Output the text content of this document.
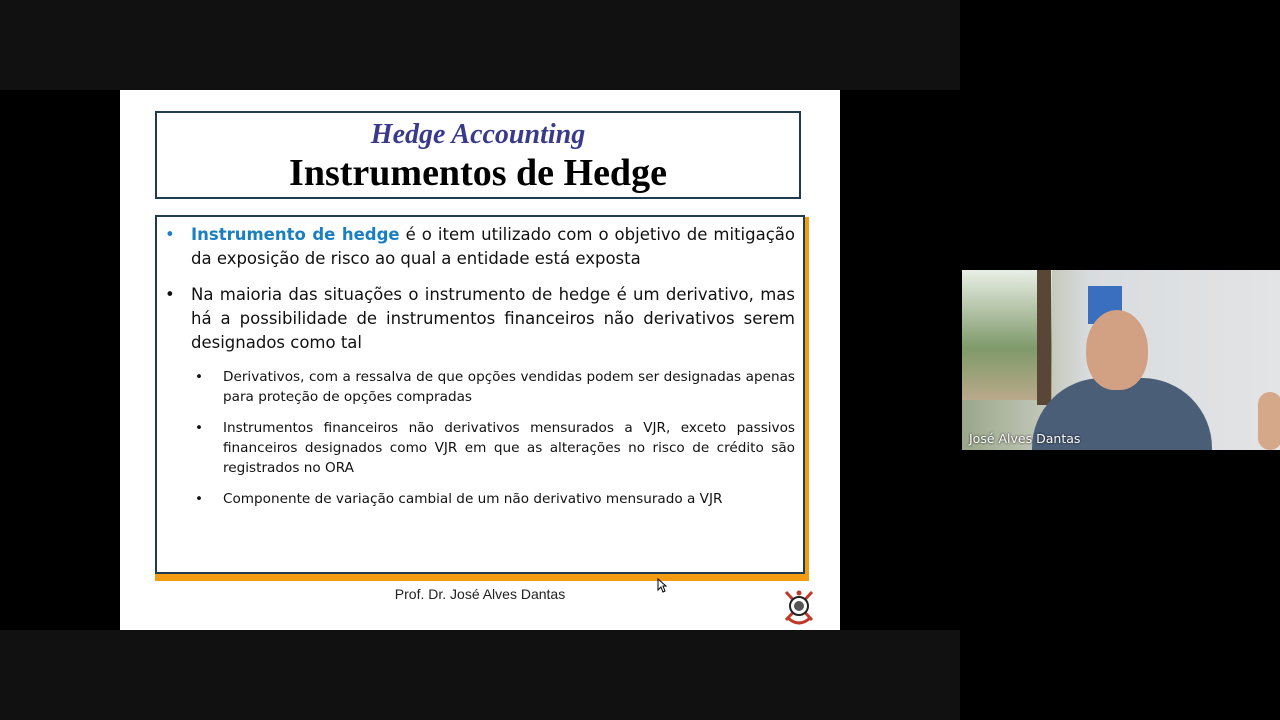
Hedge Accounting
Instrumentos de Hedge
• Instrumento de hedge é o item utilizado com o objetivo de mitigação da exposição de risco ao qual a entidade está exposta
• Na maioria das situações o instrumento de hedge é um derivativo, mas há a possibilidade de instrumentos financeiros não derivativos serem designados como tal
•	Derivativos, com a ressalva de que opções vendidas podem ser designadas apenas para proteção de opções compradas
•	Instrumentos financeiros não derivativos mensurados a VJR, exceto passivos financeiros designados como VJR em que as alterações no risco de crédito são registrados no ORA
•	Componente de variação cambial de um não derivativo mensurado a VJR
Prof. Dr. José Alves Dantas
José Alves Dantas
